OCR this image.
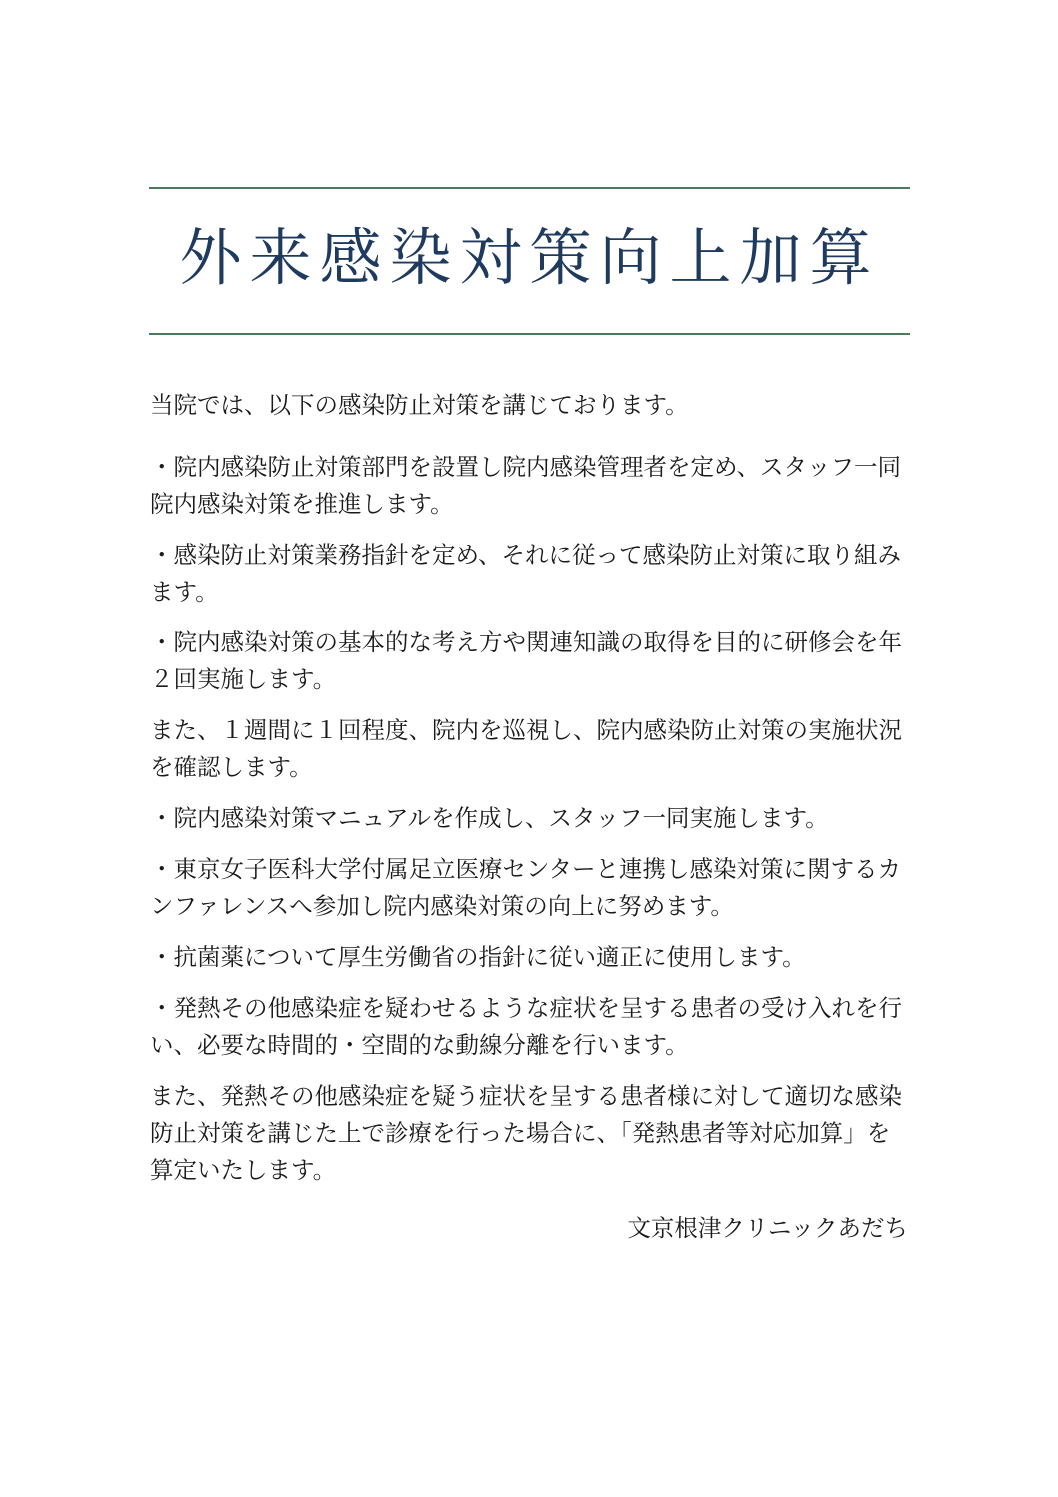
外来感染対策向上加算

当院では、以下の感染防止対策を講じております。

・院内感染防止対策部門を設置し院内感染管理者を定め、スタッフ一同
院内感染対策を推進します。

・感染防止対策業務指針を定め、それに従って感染防止対策に取り組み
ます。

・院内感染対策の基本的な考え方や関連知識の取得を目的に研修会を年
２回実施します。

また、１週間に１回程度、院内を巡視し、院内感染防止対策の実施状況
を確認します。

・院内感染対策マニュアルを作成し、スタッフ一同実施します。

・東京女子医科大学付属足立医療センターと連携し感染対策に関するカ
ンファレンスへ参加し院内感染対策の向上に努めます。

・抗菌薬について厚生労働省の指針に従い適正に使用します。

・発熱その他感染症を疑わせるような症状を呈する患者の受け入れを行
い、必要な時間的・空間的な動線分離を行います。

また、発熱その他感染症を疑う症状を呈する患者様に対して適切な感染
防止対策を講じた上で診療を行った場合に、「発熱患者等対応加算」を
算定いたします。

文京根津クリニックあだち
